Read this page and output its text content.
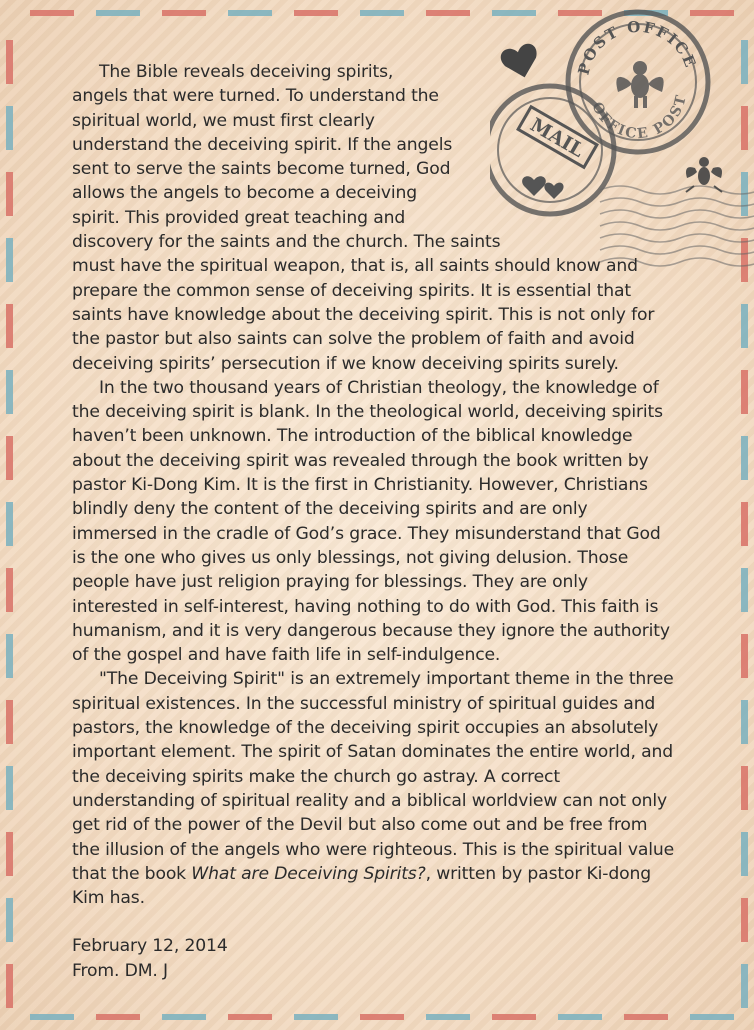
POST OFFICE
OFFICE POST
MAIL

The Bible reveals deceiving spirits,
angels that were turned. To understand the
spiritual world, we must first clearly
understand the deceiving spirit. If the angels
sent to serve the saints become turned, God
allows the angels to become a deceiving
spirit. This provided great teaching and
discovery for the saints and the church. The saints
must have the spiritual weapon, that is, all saints should know and
prepare the common sense of deceiving spirits. It is essential that
saints have knowledge about the deceiving spirit. This is not only for
the pastor but also saints can solve the problem of faith and avoid
deceiving spirits’ persecution if we know deceiving spirits surely.

In the two thousand years of Christian theology, the knowledge of
the deceiving spirit is blank. In the theological world, deceiving spirits
haven’t been unknown. The introduction of the biblical knowledge
about the deceiving spirit was revealed through the book written by
pastor Ki-Dong Kim. It is the first in Christianity. However, Christians
blindly deny the content of the deceiving spirits and are only
immersed in the cradle of God’s grace. They misunderstand that God
is the one who gives us only blessings, not giving delusion. Those
people have just religion praying for blessings. They are only
interested in self-interest, having nothing to do with God. This faith is
humanism, and it is very dangerous because they ignore the authority
of the gospel and have faith life in self-indulgence.

"The Deceiving Spirit" is an extremely important theme in the three
spiritual existences. In the successful ministry of spiritual guides and
pastors, the knowledge of the deceiving spirit occupies an absolutely
important element. The spirit of Satan dominates the entire world, and
the deceiving spirits make the church go astray. A correct
understanding of spiritual reality and a biblical worldview can not only
get rid of the power of the Devil but also come out and be free from
the illusion of the angels who were righteous. This is the spiritual value

that the book What are Deceiving Spirits?, written by pastor Ki-dong
Kim has.

February 12, 2014
From. DM. J
